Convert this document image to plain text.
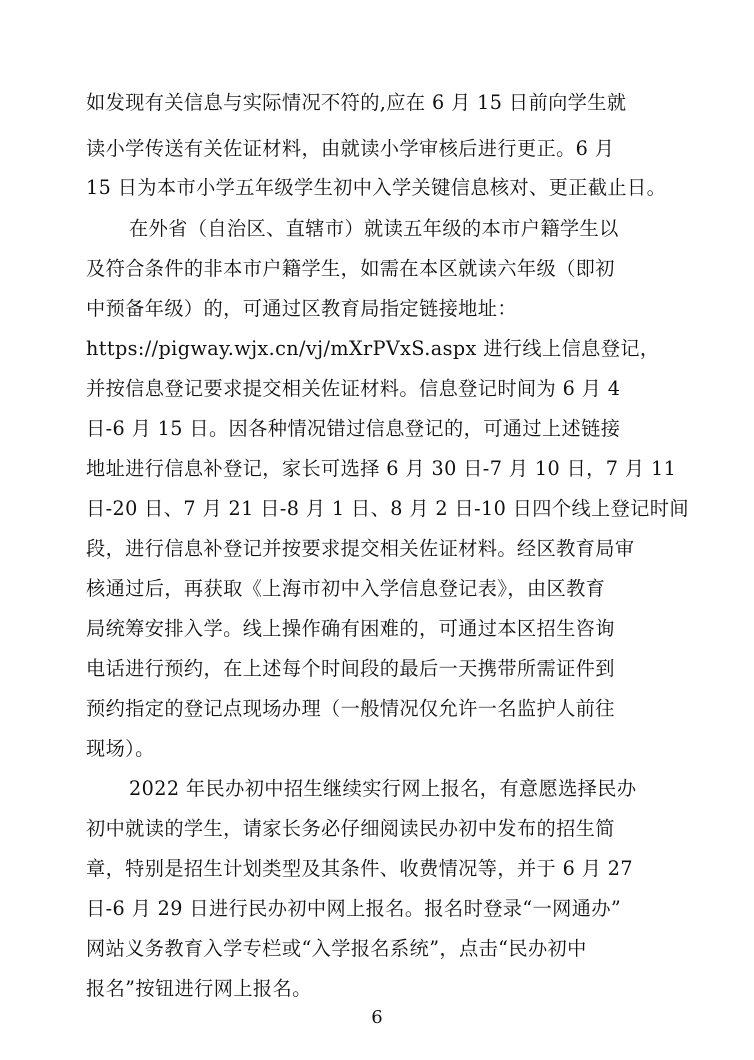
如发现有关信息与实际情况不符的,应在 6 月 15 日前向学生就
读小学传送有关佐证材料，由就读小学审核后进行更正。6 月
15 日为本市小学五年级学生初中入学关键信息核对、更正截止日。
在外省（自治区、直辖市）就读五年级的本市户籍学生以
及符合条件的非本市户籍学生，如需在本区就读六年级（即初
中预备年级）的，可通过区教育局指定链接地址：
https://pigway.wjx.cn/vj/mXrPVxS.aspx 进行线上信息登记，
并按信息登记要求提交相关佐证材料。信息登记时间为 6 月 4
日-6 月 15 日。因各种情况错过信息登记的，可通过上述链接
地址进行信息补登记，家长可选择 6 月 30 日-7 月 10 日，7 月 11
日-20 日、7 月 21 日-8 月 1 日、8 月 2 日-10 日四个线上登记时间
段，进行信息补登记并按要求提交相关佐证材料。经区教育局审
核通过后，再获取《上海市初中入学信息登记表》，由区教育
局统筹安排入学。线上操作确有困难的，可通过本区招生咨询
电话进行预约，在上述每个时间段的最后一天携带所需证件到
预约指定的登记点现场办理（一般情况仅允许一名监护人前往
现场）。
2022 年民办初中招生继续实行网上报名，有意愿选择民办
初中就读的学生，请家长务必仔细阅读民办初中发布的招生简
章，特别是招生计划类型及其条件、收费情况等，并于 6 月 27
日-6 月 29 日进行民办初中网上报名。报名时登录“一网通办”
网站义务教育入学专栏或“入学报名系统”，点击“民办初中
报名”按钮进行网上报名。
6
